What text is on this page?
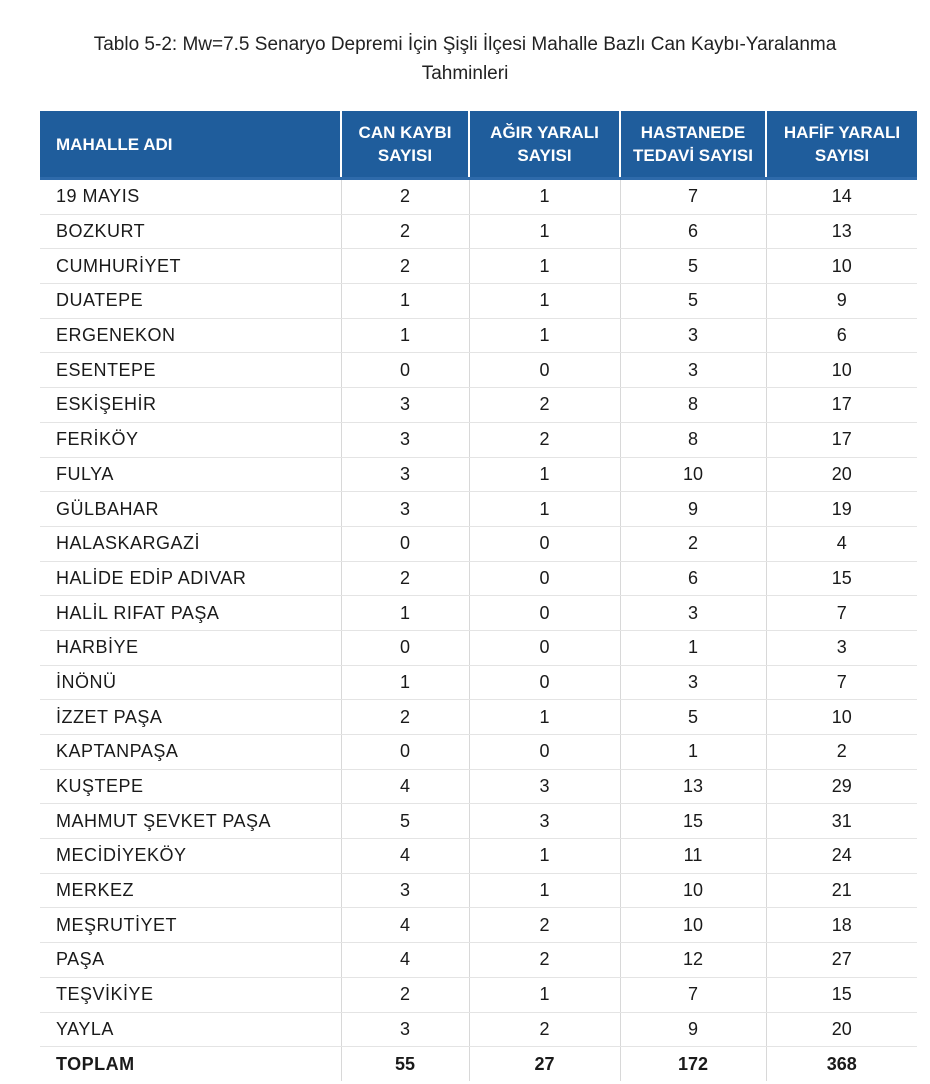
Tablo 5-2: Mw=7.5 Senaryo Depremi İçin Şişli İlçesi Mahalle Bazlı Can Kaybı-Yaralanma
Tahminleri
MAHALLE ADI	CAN KAYBI SAYISI	AĞIR YARALI SAYISI	HASTANEDE TEDAVİ SAYISI	HAFİF YARALI SAYISI
19 MAYIS	2	1	7	14
BOZKURT	2	1	6	13
CUMHURİYET	2	1	5	10
DUATEPE	1	1	5	9
ERGENEKON	1	1	3	6
ESENTEPE	0	0	3	10
ESKİŞEHİR	3	2	8	17
FERİKÖY	3	2	8	17
FULYA	3	1	10	20
GÜLBAHAR	3	1	9	19
HALASKARGAZİ	0	0	2	4
HALİDE EDİP ADIVAR	2	0	6	15
HALİL RIFAT PAŞA	1	0	3	7
HARBİYE	0	0	1	3
İNÖNÜ	1	0	3	7
İZZET PAŞA	2	1	5	10
KAPTANPAŞA	0	0	1	2
KUŞTEPE	4	3	13	29
MAHMUT ŞEVKET PAŞA	5	3	15	31
MECİDİYEKÖY	4	1	11	24
MERKEZ	3	1	10	21
MEŞRUTİYET	4	2	10	18
PAŞA	4	2	12	27
TEŞVİKİYE	2	1	7	15
YAYLA	3	2	9	20
TOPLAM	55	27	172	368
